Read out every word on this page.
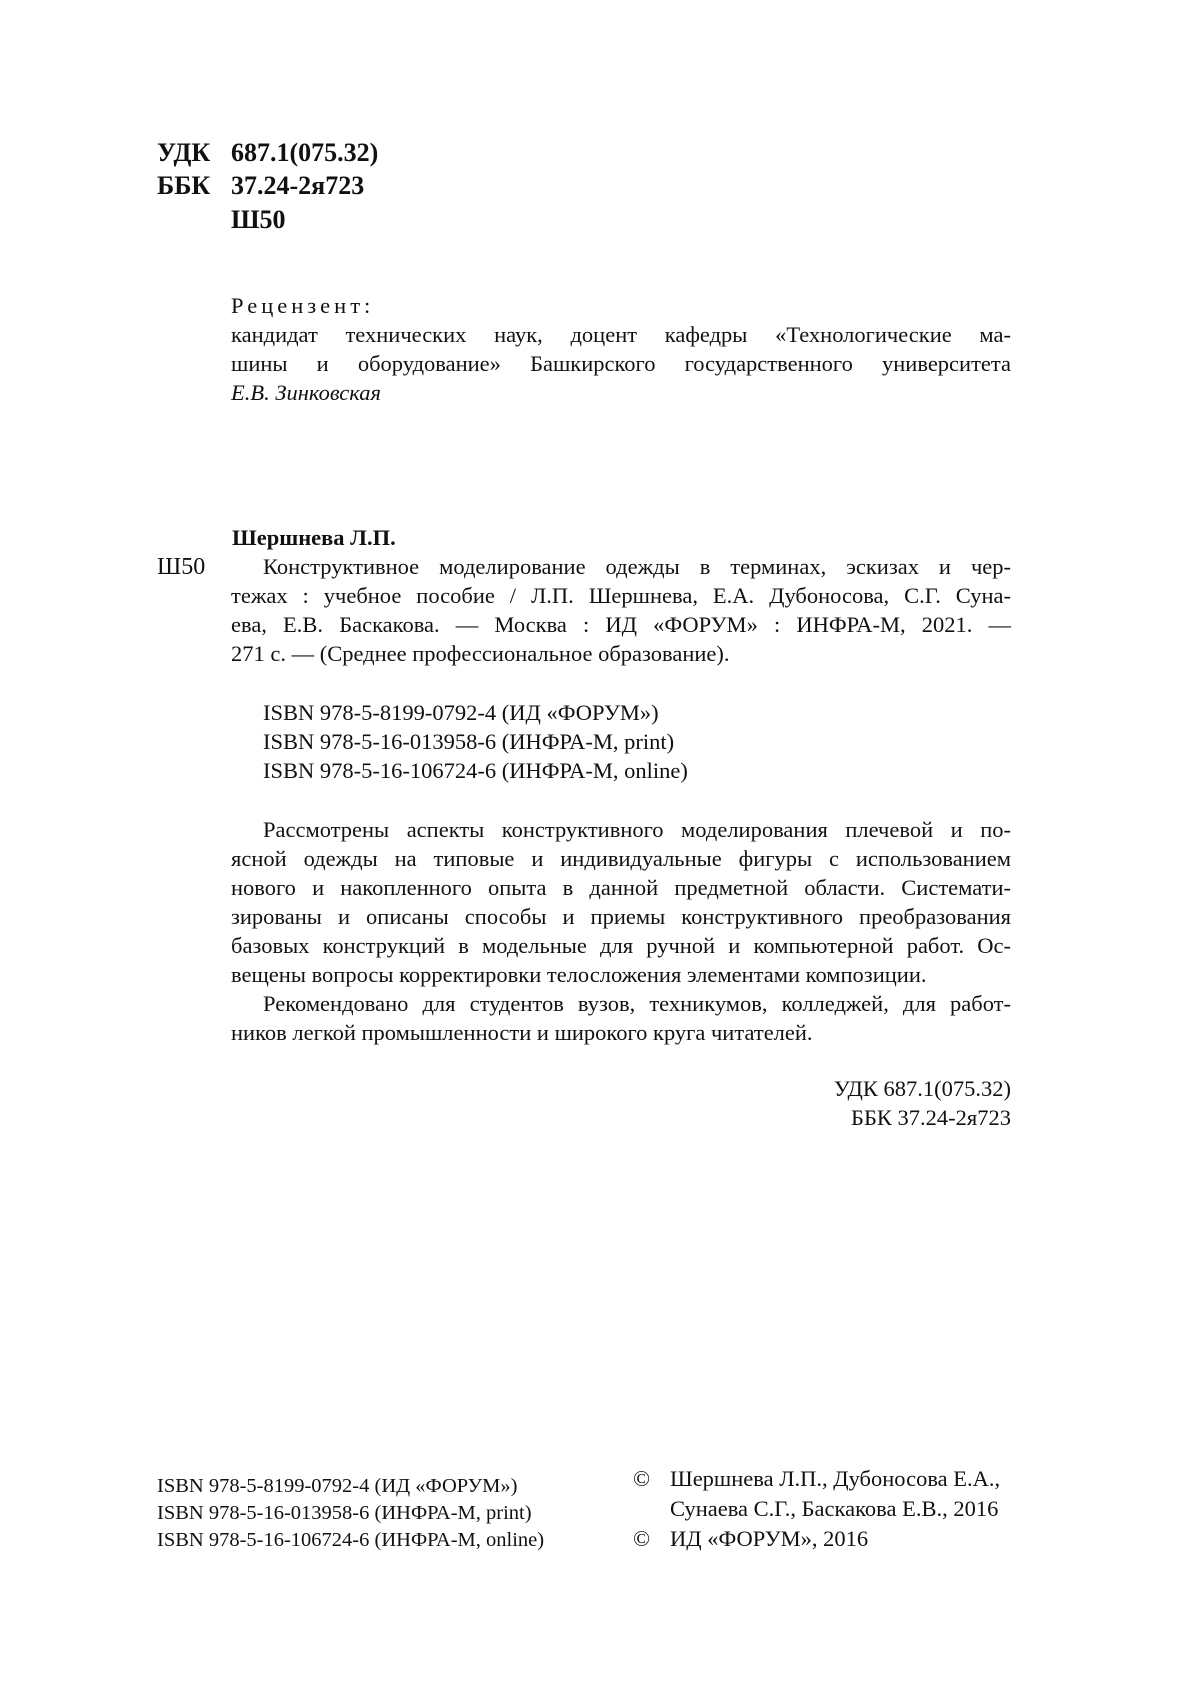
УДК 687.1(075.32)
ББК 37.24-2я723
Ш50
Рецензент:
кандидат технических наук, доцент кафедры «Технологические ма-
шины и оборудование» Башкирского государственного университета
Е.В. Зинковская
Шершнева Л.П.
Ш50	Конструктивное моделирование одежды в терминах, эскизах и чер-
тежах : учебное пособие / Л.П. Шершнева, Е.А. Дубоносова, С.Г. Суна-
ева, Е.В. Баскакова. — Москва : ИД «ФОРУМ» : ИНФРА-М, 2021. —
271 с. — (Среднее профессиональное образование).
ISBN 978-5-8199-0792-4 (ИД «ФОРУМ»)
ISBN 978-5-16-013958-6 (ИНФРА-М, print)
ISBN 978-5-16-106724-6 (ИНФРА-М, online)
Рассмотрены аспекты конструктивного моделирования плечевой и по-
ясной одежды на типовые и индивидуальные фигуры с использованием
нового и накопленного опыта в данной предметной области. Системати-
зированы и описаны способы и приемы конструктивного преобразования
базовых конструкций в модельные для ручной и компьютерной работ. Ос-
вещены вопросы корректировки телосложения элементами композиции.
Рекомендовано для студентов вузов, техникумов, колледжей, для работ-
ников легкой промышленности и широкого круга читателей.
УДК 687.1(075.32)
ББК 37.24-2я723
ISBN 978-5-8199-0792-4 (ИД «ФОРУМ»)
ISBN 978-5-16-013958-6 (ИНФРА-М, print)
ISBN 978-5-16-106724-6 (ИНФРА-М, online)
© Шершнева Л.П., Дубоносова Е.А.,
Сунаева С.Г., Баскакова Е.В., 2016
© ИД «ФОРУМ», 2016
